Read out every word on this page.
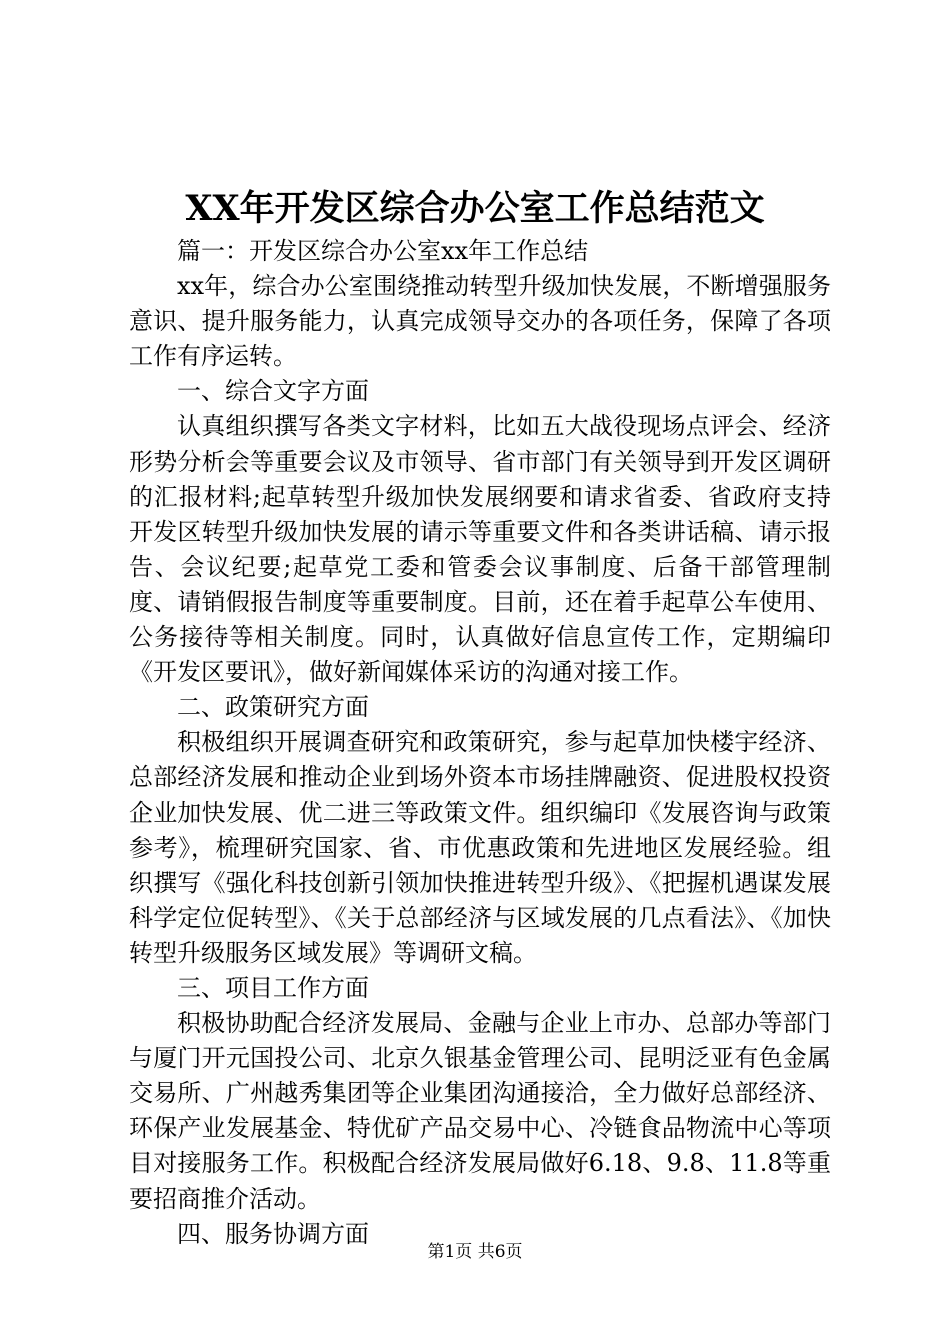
XX年开发区综合办公室工作总结范文

篇一：开发区综合办公室xx年工作总结

xx年，综合办公室围绕推动转型升级加快发展，不断增强服务意识、提升服务能力，认真完成领导交办的各项任务，保障了各项工作有序运转。

一、综合文字方面

认真组织撰写各类文字材料，比如五大战役现场点评会、经济形势分析会等重要会议及市领导、省市部门有关领导到开发区调研的汇报材料;起草转型升级加快发展纲要和请求省委、省政府支持开发区转型升级加快发展的请示等重要文件和各类讲话稿、请示报告、会议纪要;起草党工委和管委会议事制度、后备干部管理制度、请销假报告制度等重要制度。目前，还在着手起草公车使用、公务接待等相关制度。同时，认真做好信息宣传工作，定期编印《开发区要讯》，做好新闻媒体采访的沟通对接工作。

二、政策研究方面

积极组织开展调查研究和政策研究，参与起草加快楼宇经济、总部经济发展和推动企业到场外资本市场挂牌融资、促进股权投资企业加快发展、优二进三等政策文件。组织编印《发展咨询与政策参考》，梳理研究国家、省、市优惠政策和先进地区发展经验。组织撰写《强化科技创新引领加快推进转型升级》、《把握机遇谋发展科学定位促转型》、《关于总部经济与区域发展的几点看法》、《加快转型升级服务区域发展》等调研文稿。

三、项目工作方面

积极协助配合经济发展局、金融与企业上市办、总部办等部门与厦门开元国投公司、北京久银基金管理公司、昆明泛亚有色金属交易所、广州越秀集团等企业集团沟通接洽，全力做好总部经济、环保产业发展基金、特优矿产品交易中心、冷链食品物流中心等项目对接服务工作。积极配合经济发展局做好6.18、9.8、11.8等重要招商推介活动。

四、服务协调方面

第1页 共6页
